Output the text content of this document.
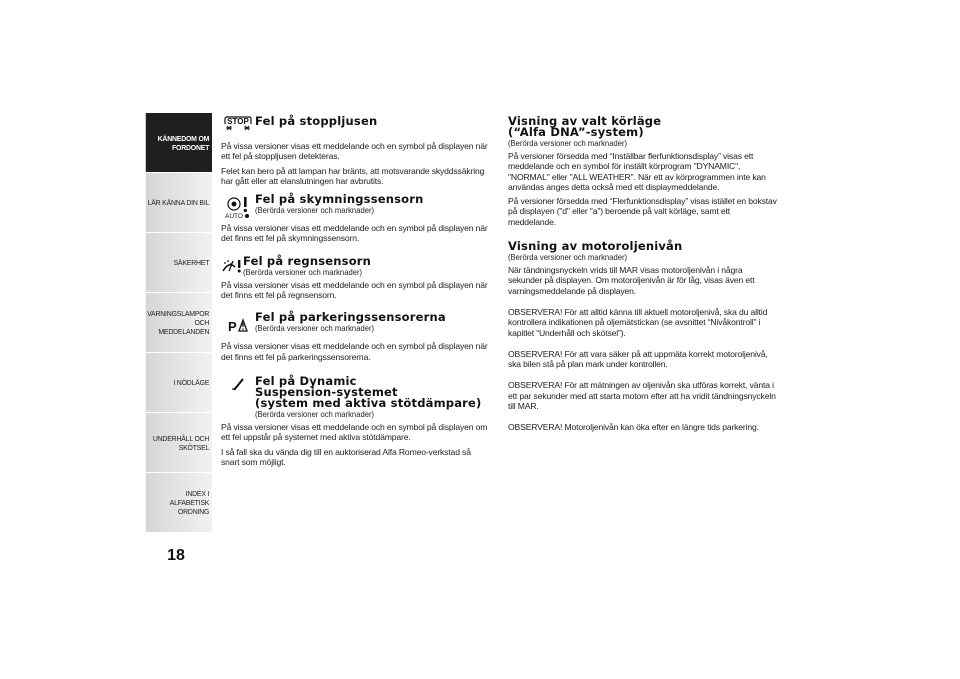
KÄNNEDOM OM
FORDONET
LÄR KÄNNA DIN BIL
SÄKERHET
VARNINGSLAMPOR
OCH MEDDELANDEN
I NÖDLÄGE
UNDERHÅLL OCH
SKÖTSEL
INDEX I ALFABETISK
ORDNING
18
STOP Fel på stoppljusen

På vissa versioner visas ett meddelande och en symbol på displayen när ett fel på stoppljusen detekteras.

Felet kan bero på att lampan har bränts, att motsvarande skyddssäkring har gått eller att elanslutningen har avbrutits.

AUTO
Fel på skymningssensorn
(Berörda versioner och marknader)

På vissa versioner visas ett meddelande och en symbol på displayen när det finns ett fel på skymningssensorn.

Fel på regnsensorn
(Berörda versioner och marknader)

På vissa versioner visas ett meddelande och en symbol på displayen när det finns ett fel på regnsensorn.

P
Fel på parkeringssensorerna
(Berörda versioner och marknader)

På vissa versioner visas ett meddelande och en symbol på displayen när det finns ett fel på parkeringssensorerna.

Fel på Dynamic
Suspension-systemet
(system med aktiva stötdämpare)
(Berörda versioner och marknader)

På vissa versioner visas ett meddelande och en symbol på displayen om ett fel uppstår på systemet med aktiva stötdämpare.

I så fall ska du vända dig till en auktoriserad Alfa Romeo-verkstad så snart som möjligt.

Visning av valt körläge
(“Alfa DNA”-system)
(Berörda versioner och marknader)

På versioner försedda med “Inställbar flerfunktionsdisplay” visas ett meddelande och en symbol för inställt körprogram "DYNAMIC", "NORMAL" eller "ALL WEATHER". När ett av körprogrammen inte kan användas anges detta också med ett displaymeddelande.

På versioner försedda med “Flerfunktionsdisplay” visas istället en bokstav på displayen ("d" eller "a") beroende på valt körläge, samt ett meddelande.

Visning av motoroljenivån
(Berörda versioner och marknader)

När tändningsnyckeln vrids till MAR visas motoroljenivån i några sekunder på displayen. Om motoroljenivån är för låg, visas även ett varningsmeddelande på displayen.

OBSERVERA! För att alltid känna till aktuell motoroljenivå, ska du alltid kontrollera indikationen på oljemätstickan (se avsnittet “Nivåkontroll” i kapitlet “Underhåll och skötsel”).

OBSERVERA! För att vara säker på att uppmäta korrekt motoroljenivå, ska bilen stå på plan mark under kontrollen.

OBSERVERA! För att mätningen av oljenivån ska utföras korrekt, vänta i ett par sekunder med att starta motorn efter att ha vridit tändningsnyckeln till MAR.

OBSERVERA! Motoroljenivån kan öka efter en längre tids parkering.
